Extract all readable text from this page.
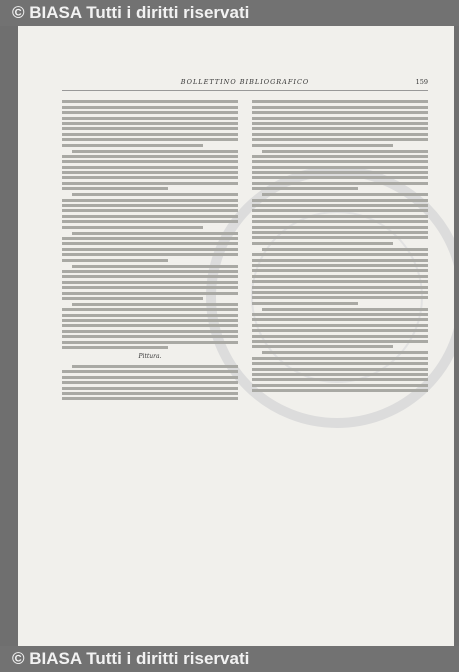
© BIASA Tutti i diritti riservati
BOLLETTINO BIBLIOGRAFICO	159
Pittura.
© BIASA Tutti i diritti riservati
